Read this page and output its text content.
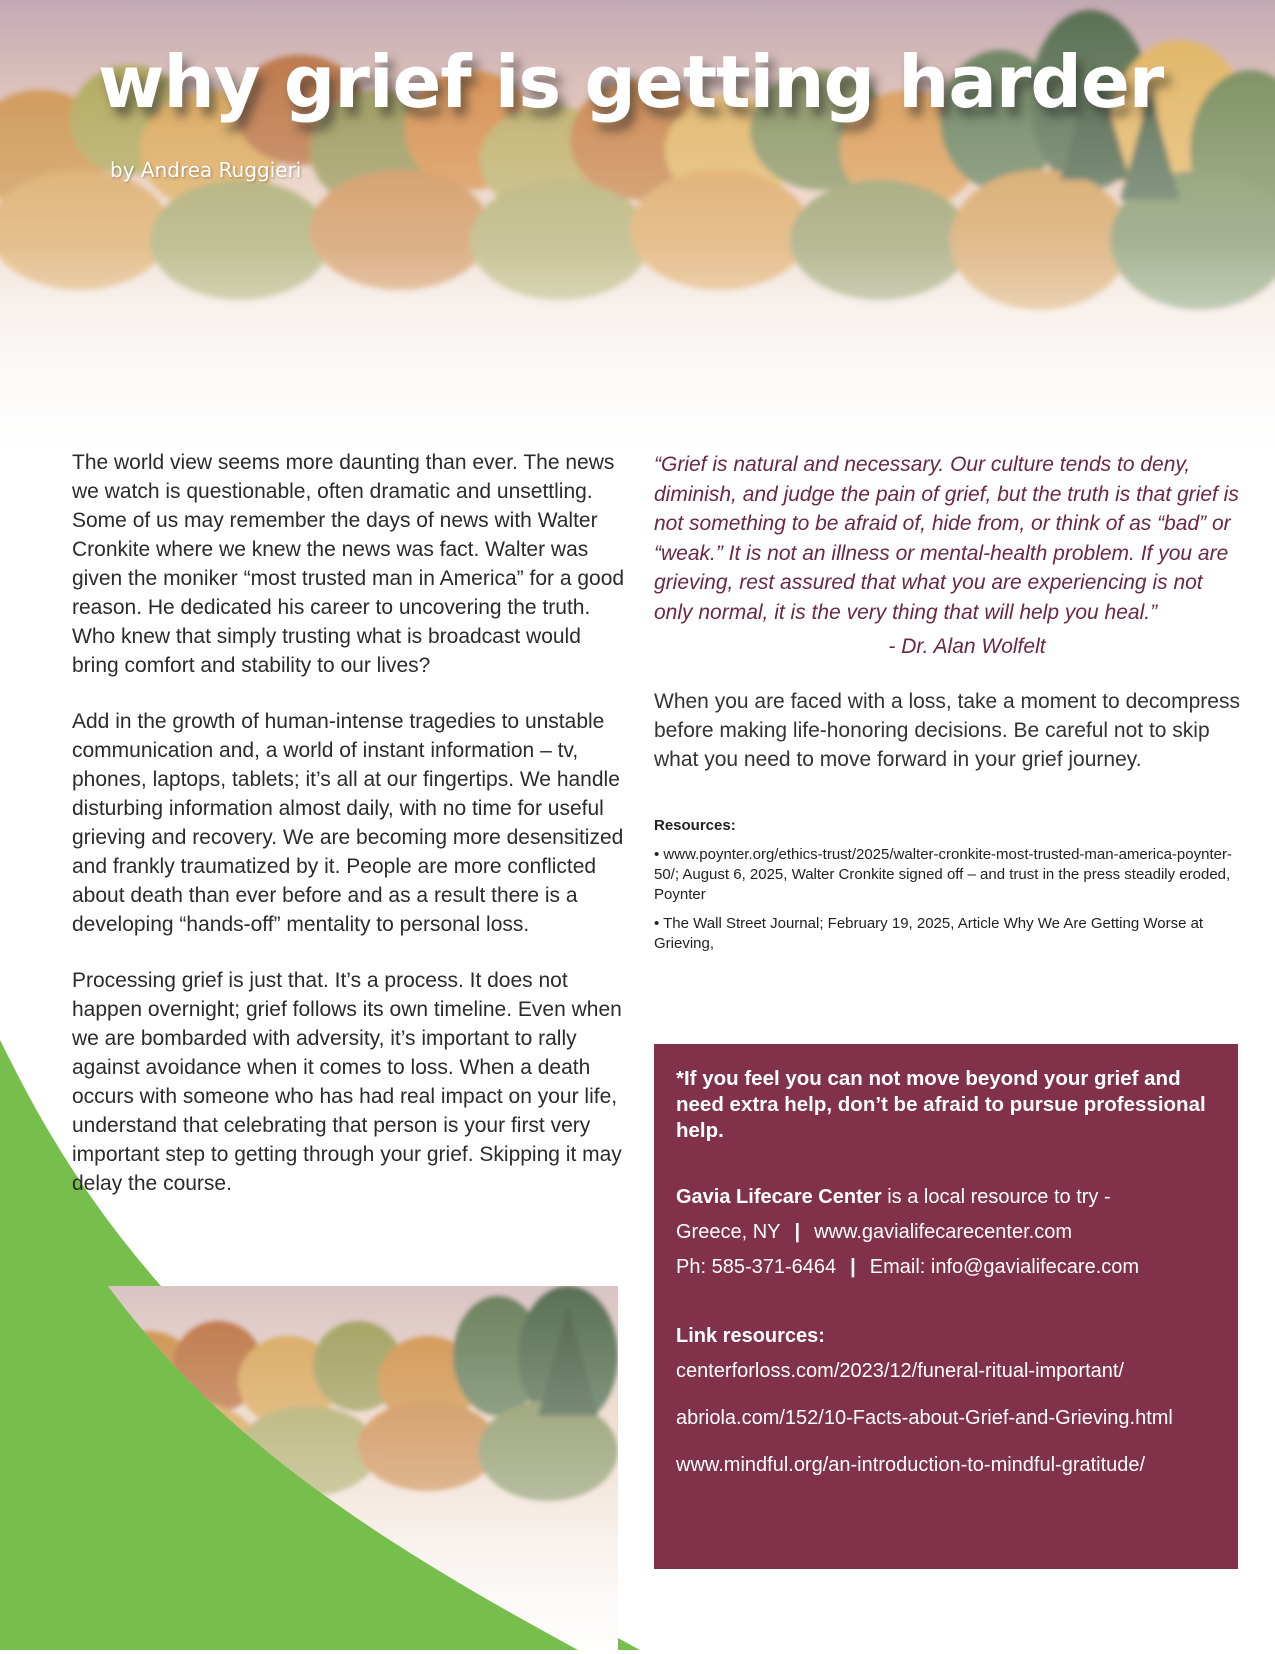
why grief is getting harder
by Andrea Ruggieri

The world view seems more daunting than ever. The news we watch is questionable, often dramatic and unsettling. Some of us may remember the days of news with Walter Cronkite where we knew the news was fact. Walter was given the moniker “most trusted man in America” for a good reason. He dedicated his career to uncovering the truth. Who knew that simply trusting what is broadcast would bring comfort and stability to our lives?

Add in the growth of human-intense tragedies to unstable communication and, a world of instant information – tv, phones, laptops, tablets; it’s all at our fingertips. We handle disturbing information almost daily, with no time for useful grieving and recovery. We are becoming more desensitized and frankly traumatized by it. People are more conflicted about death than ever before and as a result there is a developing “hands-off” mentality to personal loss.

Processing grief is just that. It’s a process. It does not happen overnight; grief follows its own timeline. Even when we are bombarded with adversity, it’s important to rally against avoidance when it comes to loss. When a death occurs with someone who has had real impact on your life, understand that celebrating that person is your first very important step to getting through your grief. Skipping it may delay the course.

“Grief is natural and necessary. Our culture tends to deny, diminish, and judge the pain of grief, but the truth is that grief is not something to be afraid of, hide from, or think of as “bad” or “weak.” It is not an illness or mental-health problem. If you are grieving, rest assured that what you are experiencing is not only normal, it is the very thing that will help you heal.”

- Dr. Alan Wolfelt

When you are faced with a loss, take a moment to decompress before making life-honoring decisions. Be careful not to skip what you need to move forward in your grief journey.

Resources:
• www.poynter.org/ethics-trust/2025/walter-cronkite-most-trusted-man-america-poynter-50/; August 6, 2025, Walter Cronkite signed off – and trust in the press steadily eroded, Poynter
• The Wall Street Journal; February 19, 2025, Article Why We Are Getting Worse at Grieving,

*If you feel you can not move beyond your grief and need extra help, don’t be afraid to pursue professional help.

Gavia Lifecare Center is a local resource to try -

Greece, NY | www.gavialifecarecenter.com

Ph: 585-371-6464 | Email: info@gavialifecare.com

Link resources:
centerforloss.com/2023/12/funeral-ritual-important/
abriola.com/152/10-Facts-about-Grief-and-Grieving.html
www.mindful.org/an-introduction-to-mindful-gratitude/
